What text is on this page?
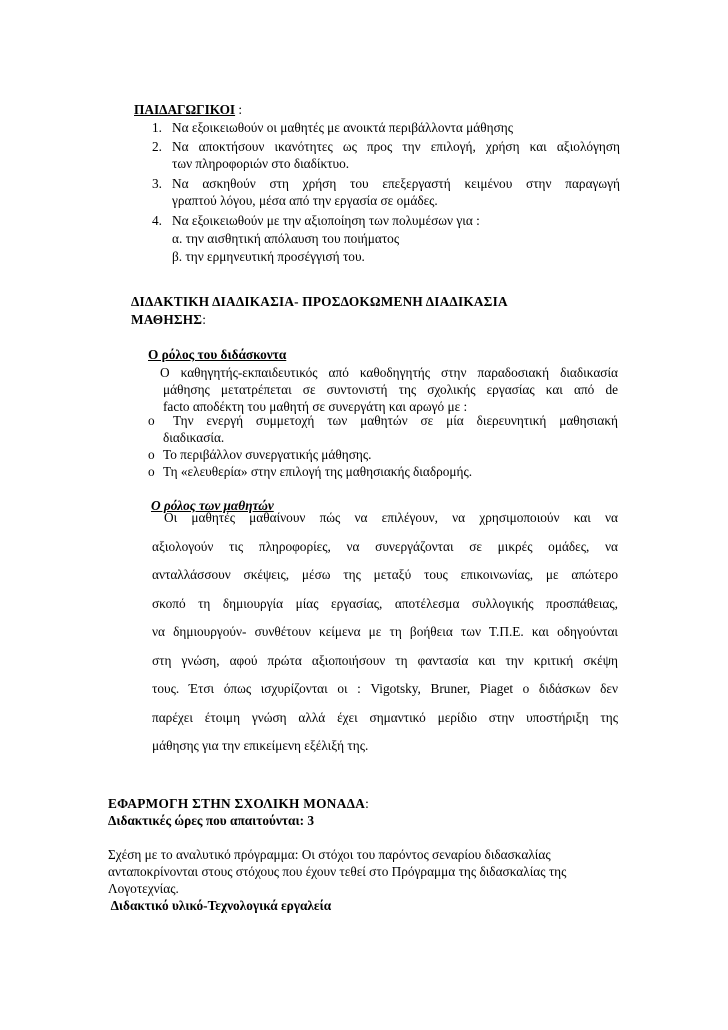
ΠΑΙΔΑΓΩΓΙΚΟΙ :
1. Να εξοικειωθούν οι μαθητές με ανοικτά περιβάλλοντα μάθησης
2. Να αποκτήσουν ικανότητες ως προς την επιλογή, χρήση και αξιολόγηση
των πληροφοριών στο διαδίκτυο.
3. Να ασκηθούν στη χρήση του επεξεργαστή κειμένου στην παραγωγή
γραπτού λόγου, μέσα από την εργασία σε ομάδες.
4. Να εξοικειωθούν με την αξιοποίηση των πολυμέσων για :
α. την αισθητική απόλαυση του ποιήματος
β. την ερμηνευτική προσέγγισή του.
ΔΙΔΑΚΤΙΚΗ ΔΙΑΔΙΚΑΣΙΑ- ΠΡΟΣΔΟΚΩΜΕΝΗ ΔΙΑΔΙΚΑΣΙΑ
ΜΑΘΗΣΗΣ:
Ο ρόλος του διδάσκοντα
Ο καθηγητής-εκπαιδευτικός από καθοδηγητής στην παραδοσιακή διαδικασία
μάθησης μετατρέπεται σε συντονιστή της σχολικής εργασίας και από de
facto αποδέκτη του μαθητή σε συνεργάτη και αρωγό με :
o	Την ενεργή συμμετοχή των μαθητών σε μία διερευνητική μαθησιακή
διαδικασία.
o Το περιβάλλον συνεργατικής μάθησης.
o Τη «ελευθερία» στην επιλογή της μαθησιακής διαδρομής.
Ο ρόλος των μαθητών
Οι μαθητές μαθαίνουν πώς να επιλέγουν, να χρησιμοποιούν και να
αξιολογούν τις πληροφορίες, να συνεργάζονται σε μικρές ομάδες, να
ανταλλάσσουν σκέψεις, μέσω της μεταξύ τους επικοινωνίας, με απώτερο
σκοπό τη δημιουργία μίας εργασίας, αποτέλεσμα συλλογικής προσπάθειας,
να δημιουργούν- συνθέτουν κείμενα με τη βοήθεια των Τ.Π.Ε. και οδηγούνται
στη γνώση, αφού πρώτα αξιοποιήσουν τη φαντασία και την κριτική σκέψη
τους. Έτσι όπως ισχυρίζονται οι : Vigotsky, Bruner, Piaget ο διδάσκων δεν
παρέχει έτοιμη γνώση αλλά έχει σημαντικό μερίδιο στην υποστήριξη της
μάθησης για την επικείμενη εξέλιξή της.
ΕΦΑΡΜΟΓΗ ΣΤΗΝ ΣΧΟΛΙΚΗ ΜΟΝΑΔΑ:
Διδακτικές ώρες που απαιτούνται: 3
Σχέση με το αναλυτικό πρόγραμμα: Οι στόχοι του παρόντος σεναρίου διδασκαλίας
ανταποκρίνονται στους στόχους που έχουν τεθεί στο Πρόγραμμα της διδασκαλίας της
Λογοτεχνίας.
Διδακτικό υλικό-Τεχνολογικά εργαλεία
